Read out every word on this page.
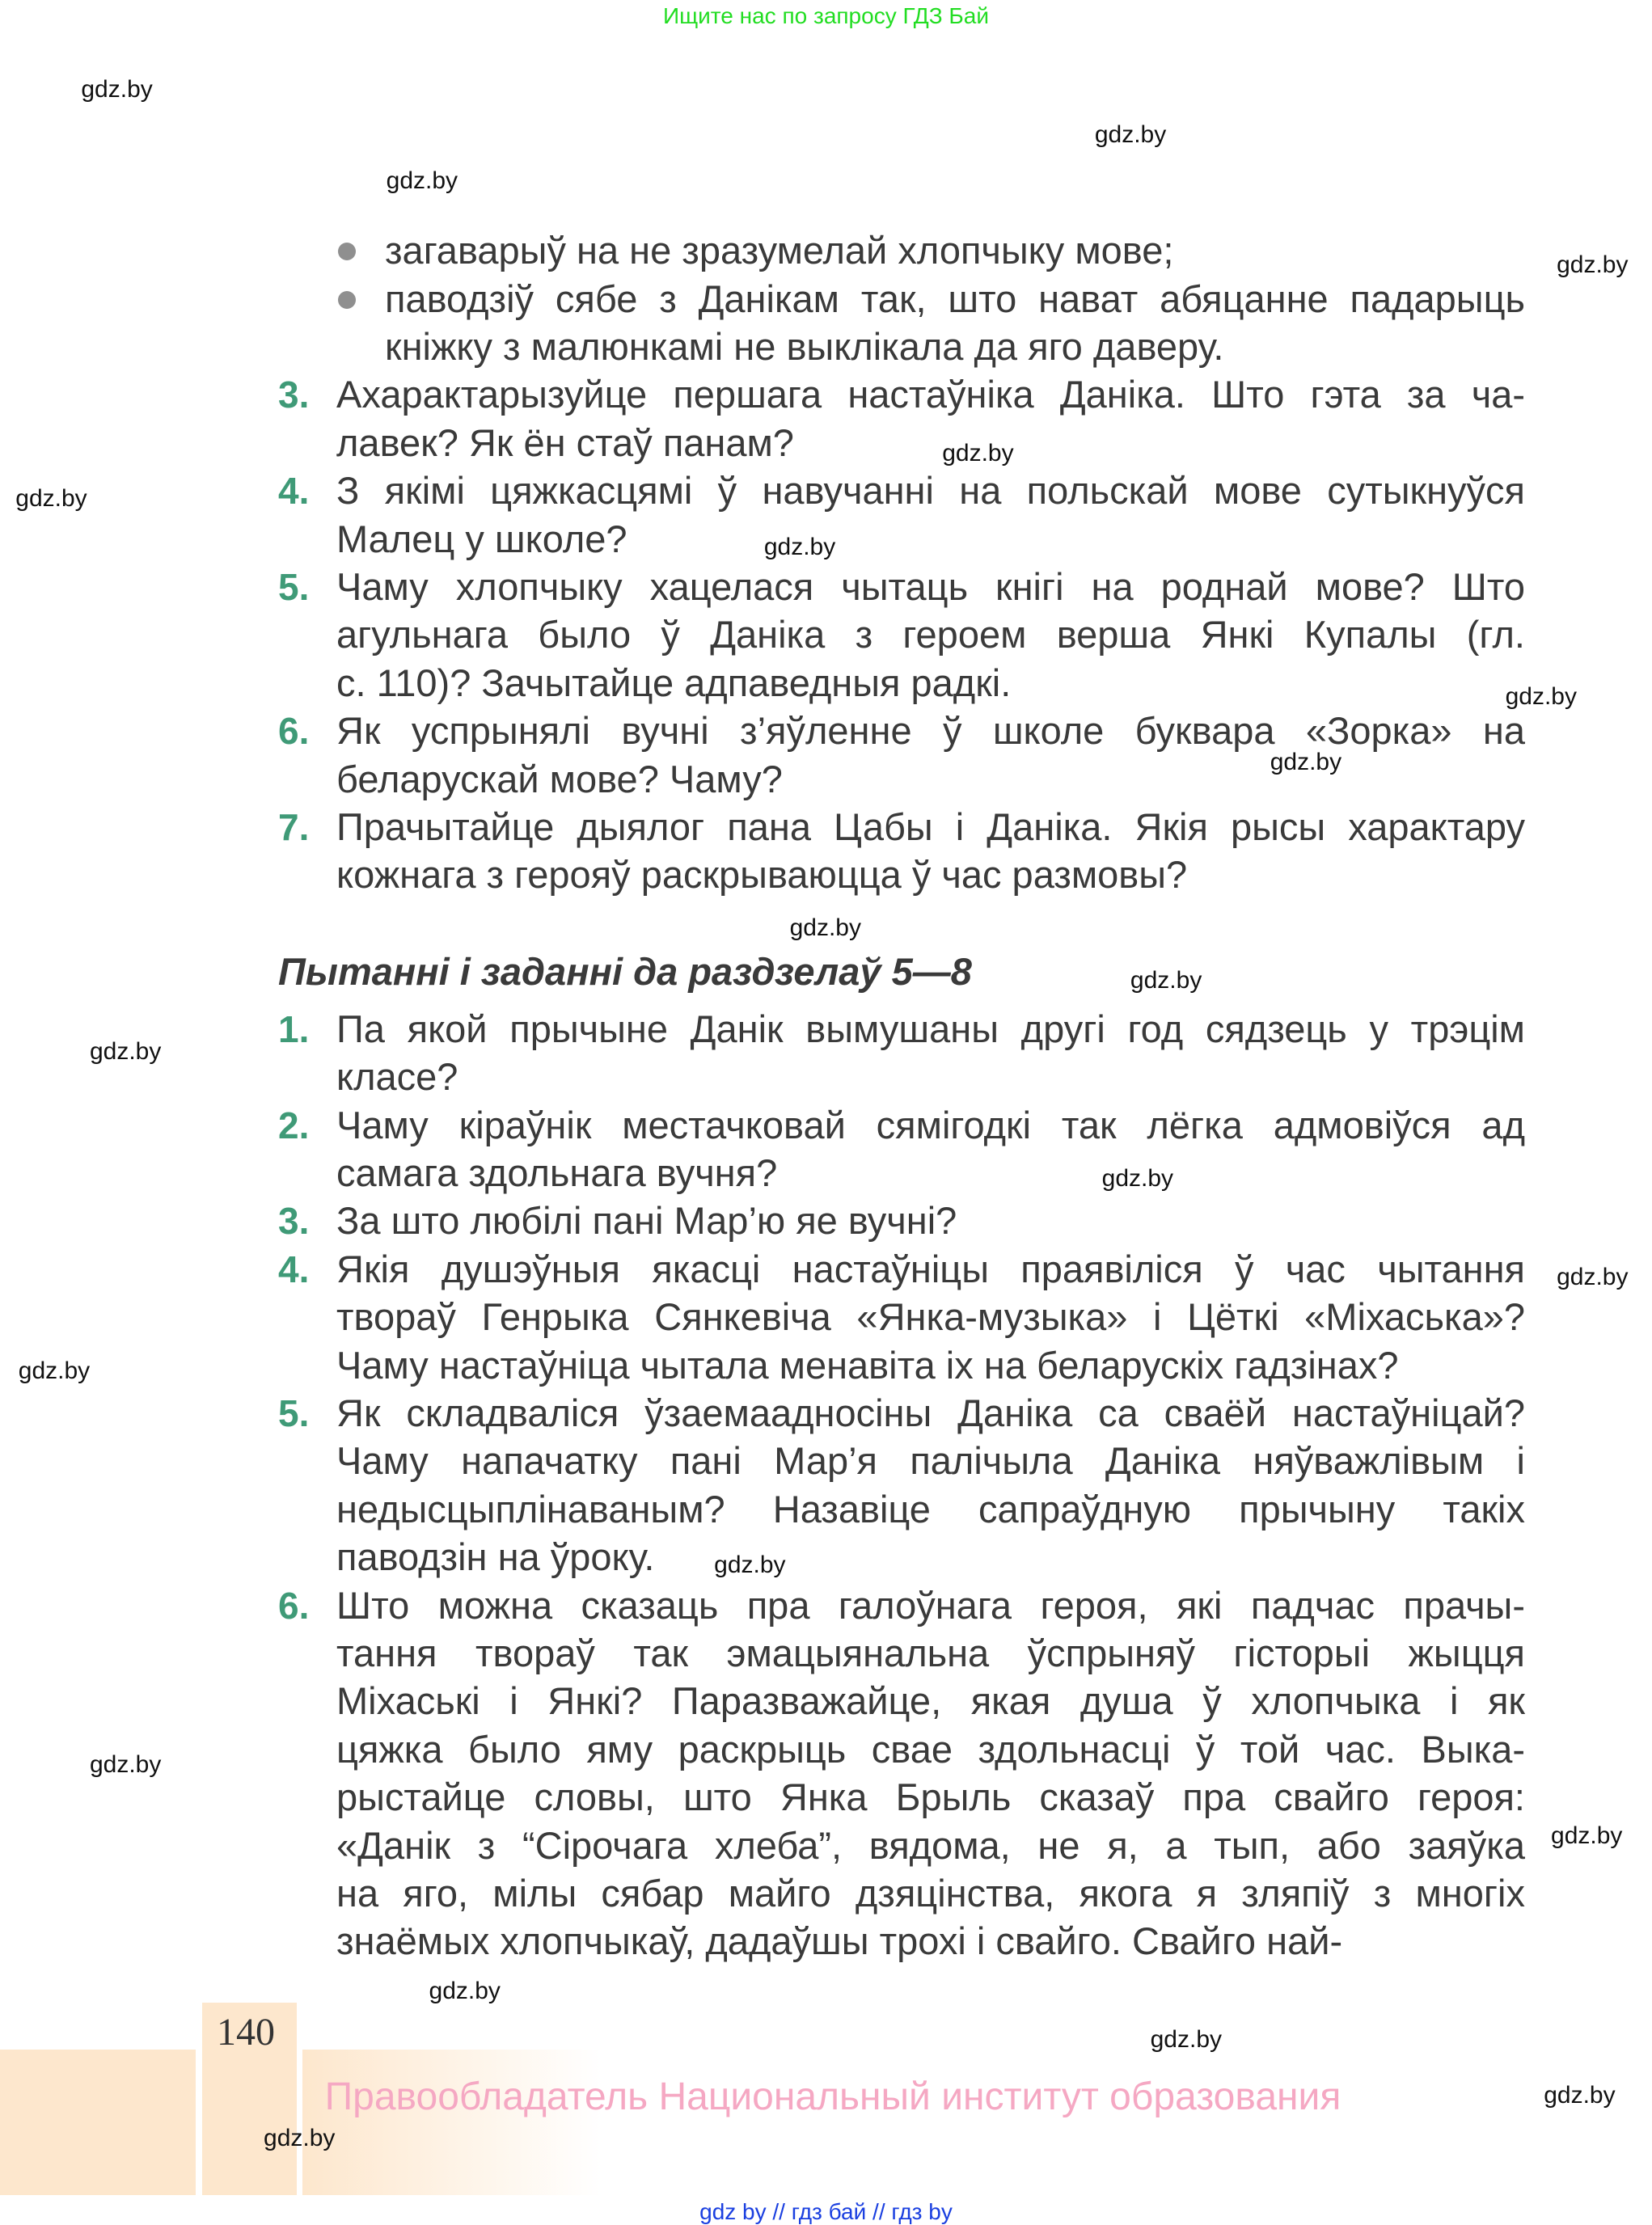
Ищите нас по запросу ГДЗ Бай
загаварыў на не зразумелай хлопчыку мове;
паводзіў сябе з Данікам так, што нават абяцанне падарыць
кніжку з малюнкамі не выклікала да яго даверу.
3. Ахарактарызуйце першага настаўніка Даніка. Што гэта за ча-
лавек? Як ён стаў панам?
4. З якімі цяжкасцямі ў навучанні на польскай мове сутыкнуўся
Малец у школе?
5. Чаму хлопчыку хацелася чытаць кнігі на роднай мове? Што
агульнага было ў Даніка з героем верша Янкі Купалы (гл.
с. 110)? Зачытайце адпаведныя радкі.
6. Як успрынялі вучні з’яўленне ў школе буквара «Зорка» на
беларускай мове? Чаму?
7. Прачытайце дыялог пана Цабы і Даніка. Якія рысы характару
кожнага з герояў раскрываюцца ў час размовы?
Пытанні і заданні да раздзелаў 5—8
1. Па якой прычыне Данік вымушаны другі год сядзець у трэцім
класе?
2. Чаму кіраўнік местачковай сямігодкі так лёгка адмовіўся ад
самага здольнага вучня?
3. За што любілі пані Мар’ю яе вучні?
4. Якія душэўныя якасці настаўніцы праявіліся ў час чытання
твораў Генрыка Сянкевіча «Янка-музыка» і Цёткі «Міхаська»?
Чаму настаўніца чытала менавіта іх на беларускіх гадзінах?
5. Як складваліся ўзаемаадносіны Даніка са сваёй настаўніцай?
Чаму напачатку пані Мар’я палічыла Даніка няўважлівым і
недысцыплінаваным? Назавіце сапраўдную прычыну такіх
паводзін на ўроку.
6. Што можна сказаць пра галоўнага героя, які падчас прачы-
тання твораў так эмацыянальна ўспрыняў гісторыі жыцця
Міхаські і Янкі? Паразважайце, якая душа ў хлопчыка і як
цяжка было яму раскрыць свае здольнасці ў той час. Выка-
рыстайце словы, што Янка Брыль сказаў пра свайго героя:
«Данік з “Сірочага хлеба”, вядома, не я, а тып, або заяўка
на яго, мілы сябар майго дзяцінства, якога я зляпіў з многіх
знаёмых хлопчыкаў, дадаўшы трохі і свайго. Свайго най-
140
Правообладатель Национальный институт образования
gdz by // гдз бай // гдз by
gdz.by
gdz.by
gdz.by
gdz.by
gdz.by
gdz.by
gdz.by
gdz.by
gdz.by
gdz.by
gdz.by
gdz.by
gdz.by
gdz.by
gdz.by
gdz.by
gdz.by
gdz.by
gdz.by
gdz.by
gdz.by
gdz.by
